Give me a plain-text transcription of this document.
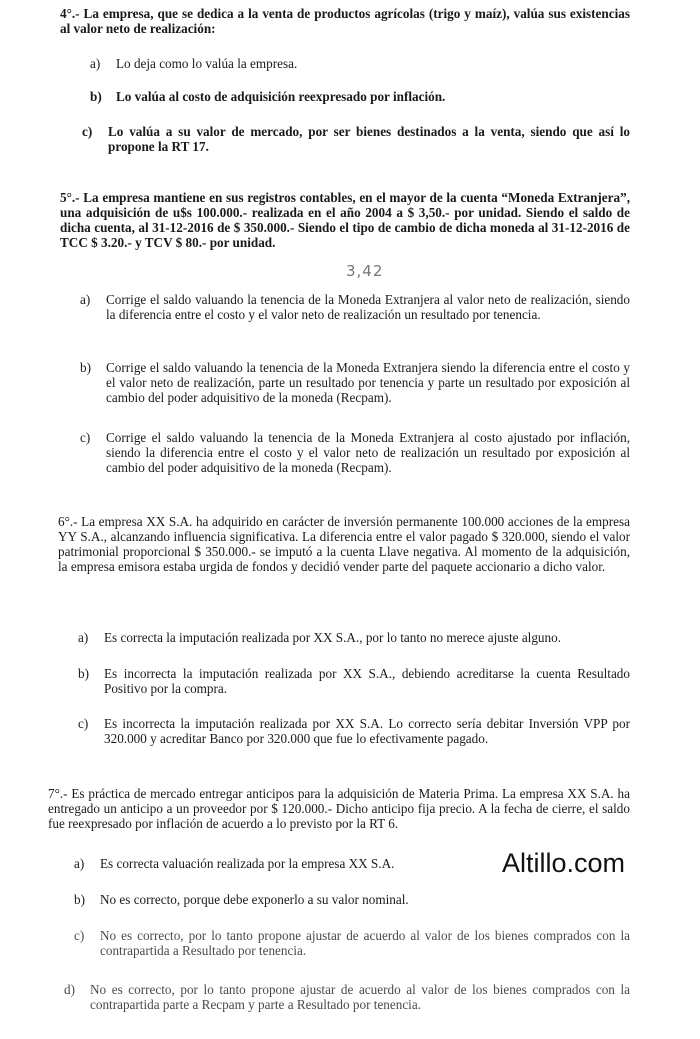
4°.- La empresa, que se dedica a la venta de productos agrícolas (trigo y maíz), valúa sus existencias al valor neto de realización:

a)	Lo deja como lo valúa la empresa.
b)	Lo valúa al costo de adquisición reexpresado por inflación.
c)	Lo valúa a su valor de mercado, por ser bienes destinados a la venta, siendo que así lo propone la RT 17.

5°.- La empresa mantiene en sus registros contables, en el mayor de la cuenta “Moneda Extranjera”, una adquisición de u$s 100.000.- realizada en el año 2004 a $ 3,50.- por unidad. Siendo el saldo de dicha cuenta, al 31-12-2016 de $ 350.000.- Siendo el tipo de cambio de dicha moneda al 31-12-2016 de TCC $ 3.20.- y TCV $ 80.- por unidad.

3,42
a)	Corrige el saldo valuando la tenencia de la Moneda Extranjera al valor neto de realización, siendo la diferencia entre el costo y el valor neto de realización un resultado por tenencia.
b)	Corrige el saldo valuando la tenencia de la Moneda Extranjera siendo la diferencia entre el costo y el valor neto de realización, parte un resultado por tenencia y parte un resultado por exposición al cambio del poder adquisitivo de la moneda (Recpam).
c)	Corrige el saldo valuando la tenencia de la Moneda Extranjera al costo ajustado por inflación, siendo la diferencia entre el costo y el valor neto de realización un resultado por exposición al cambio del poder adquisitivo de la moneda (Recpam).

6°.- La empresa XX S.A. ha adquirido en carácter de inversión permanente 100.000 acciones de la empresa YY S.A., alcanzando influencia significativa. La diferencia entre el valor pagado $ 320.000, siendo el valor patrimonial proporcional $ 350.000.- se imputó a la cuenta Llave negativa. Al momento de la adquisición, la empresa emisora estaba urgida de fondos y decidió vender parte del paquete accionario a dicho valor.

a)	Es correcta la imputación realizada por XX S.A., por lo tanto no merece ajuste alguno.
b)	Es incorrecta la imputación realizada por XX S.A., debiendo acreditarse la cuenta Resultado Positivo por la compra.
c)	Es incorrecta la imputación realizada por XX S.A. Lo correcto sería debitar Inversión VPP por 320.000 y acreditar Banco por 320.000 que fue lo efectivamente pagado.

7°.- Es práctica de mercado entregar anticipos para la adquisición de Materia Prima. La empresa XX S.A. ha entregado un anticipo a un proveedor por $ 120.000.- Dicho anticipo fija precio. A la fecha de cierre, el saldo fue reexpresado por inflación de acuerdo a lo previsto por la RT 6.

a)	Es correcta valuación realizada por la empresa XX S.A.
b)	No es correcto, porque debe exponerlo a su valor nominal.
c)	No es correcto, por lo tanto propone ajustar de acuerdo al valor de los bienes comprados con la contrapartida a Resultado por tenencia.
d)	No es correcto, por lo tanto propone ajustar de acuerdo al valor de los bienes comprados con la contrapartida parte a Recpam y parte a Resultado por tenencia.
Altillo.com
